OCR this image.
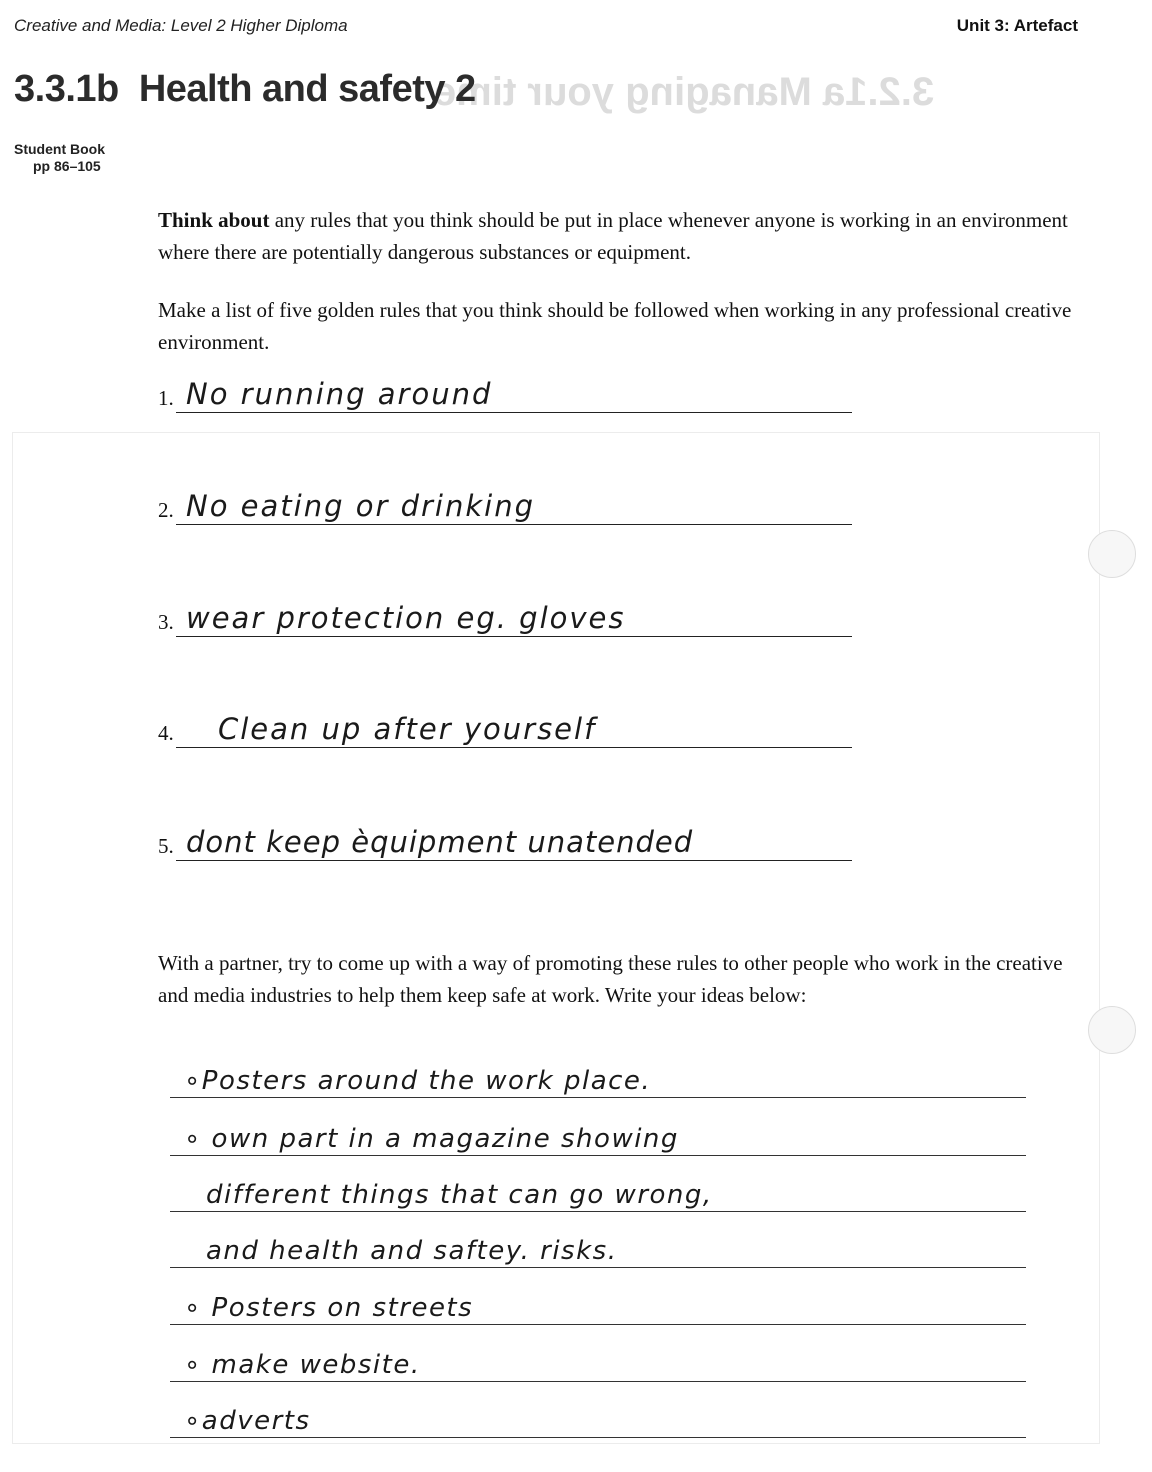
3.2.1a Managing your time
Creative and Media: Level 2 Higher Diploma	Unit 3: Artefact
3.3.1b  Health and safety 2
Student Book
pp 86–105
Think about any rules that you think should be put in place whenever anyone is working in an environment where there are potentially dangerous substances or equipment.
Make a list of five golden rules that you think should be followed when working in any professional creative environment.
1. No running around
2. No eating or drinking
3. wear protection eg. gloves
4. Clean up after yourself
5. dont keep èquipment unatended
With a partner, try to come up with a way of promoting these rules to other people who work in the creative and media industries to help them keep safe at work. Write your ideas below:
∘Posters around the work place.
∘ own part in a magazine showing
different things that can go wrong,
and health and saftey. risks.
∘ Posters on streets
∘ make website.
∘adverts
